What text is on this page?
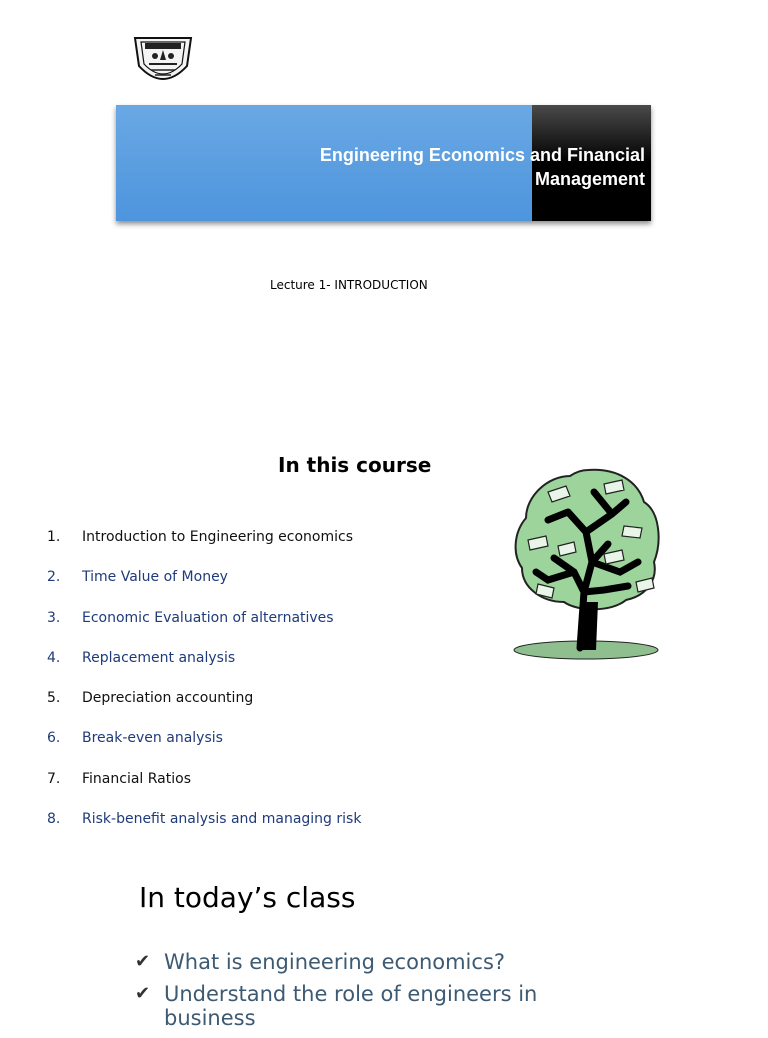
Engineering Economics and Financial Management
Lecture 1- INTRODUCTION
In this course
1.	Introduction to Engineering economics
2.	Time Value of Money
3.	Economic Evaluation of alternatives
4.	Replacement analysis
5.	Depreciation accounting
6.	Break-even analysis
7.	Financial Ratios
8.	Risk-benefit analysis and managing risk
In today’s class
✔ What is engineering economics?
✔ Understand the role of engineers in business
